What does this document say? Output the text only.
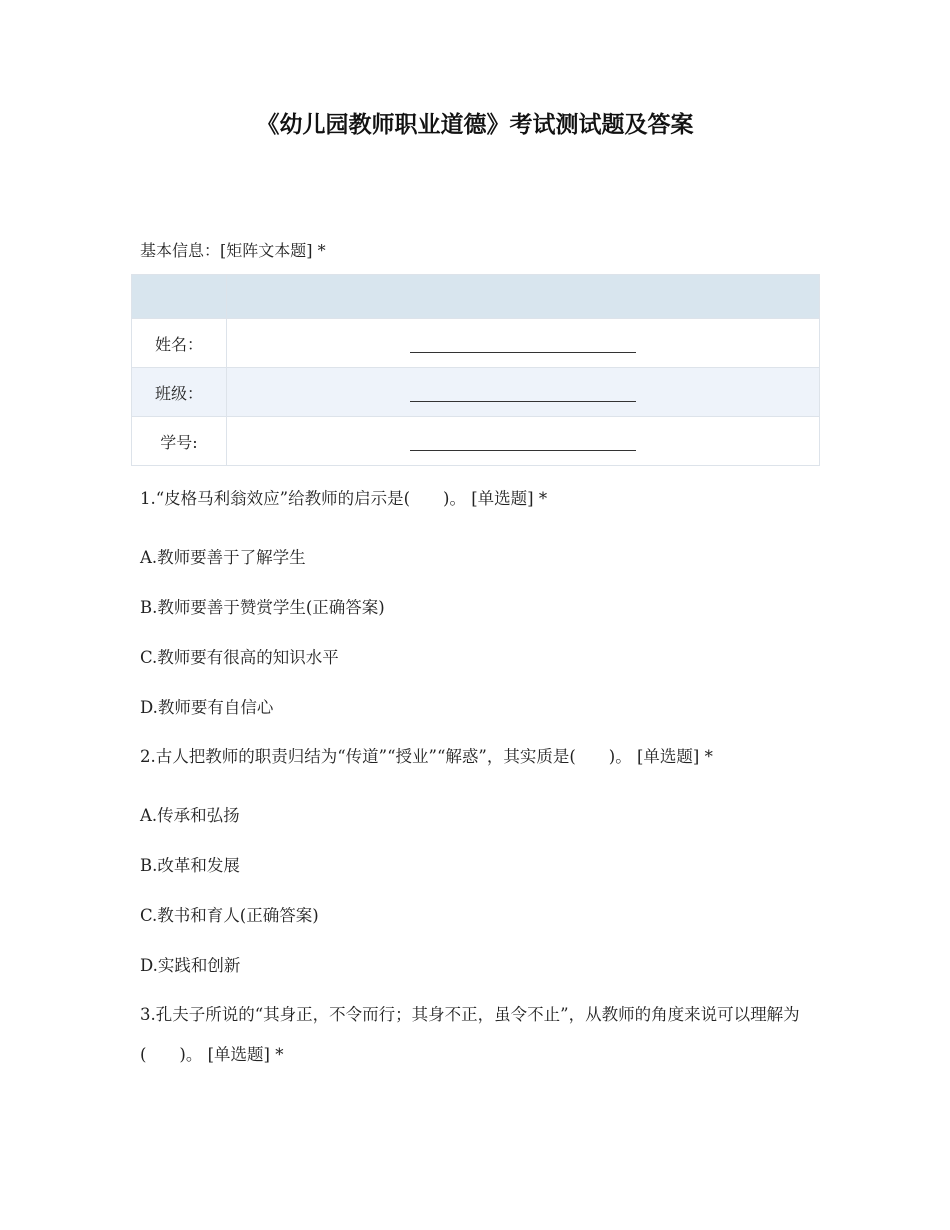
《幼儿园教师职业道德》考试测试题及答案
基本信息：[矩阵文本题] *

姓名：	
班级：	
学号:	
1.“皮格马利翁效应”给教师的启示是(　　)。 [单选题] *
A.教师要善于了解学生
B.教师要善于赞赏学生(正确答案)
C.教师要有很高的知识水平
D.教师要有自信心
2.古人把教师的职责归结为“传道”“授业”“解惑”，其实质是(　　)。 [单选题] *
A.传承和弘扬
B.改革和发展
C.教书和育人(正确答案)
D.实践和创新
3.孔夫子所说的“其身正，不令而行；其身不正，虽令不止”，从教师的角度来说可以理解为(　　)。 [单选题] *
